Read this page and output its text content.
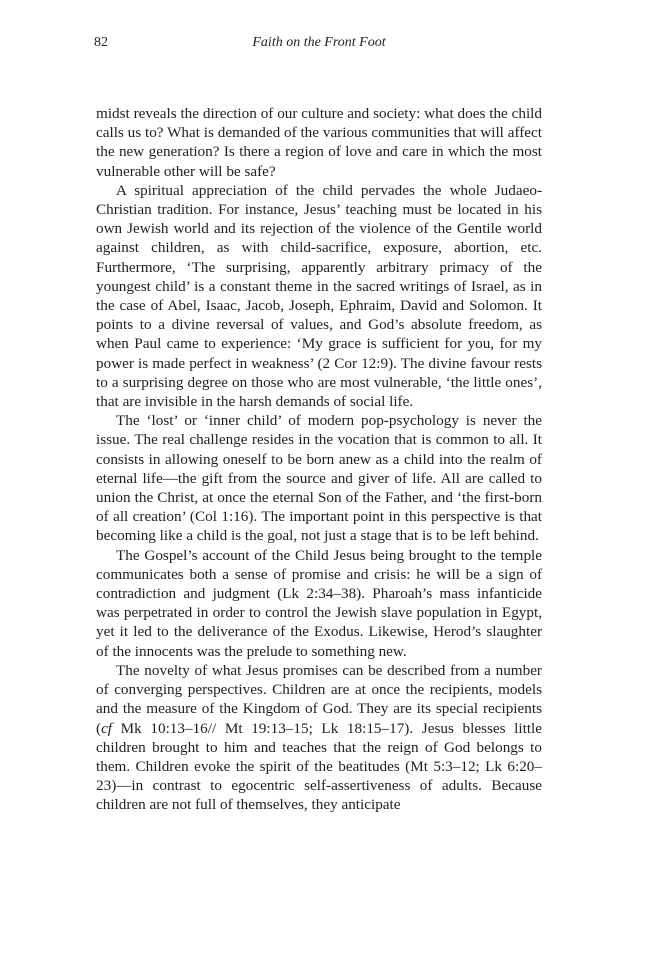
82	Faith on the Front Foot

midst reveals the direction of our culture and society: what does the child calls us to? What is demanded of the various communities that will affect the new generation? Is there a region of love and care in which the most vulnerable other will be safe?

A spiritual appreciation of the child pervades the whole Judaeo-Christian tradition. For instance, Jesus’ teaching must be located in his own Jewish world and its rejection of the violence of the Gentile world against children, as with child-sacrifice, exposure, abortion, etc. Furthermore, ‘The surprising, apparently arbitrary primacy of the youngest child’ is a constant theme in the sacred writings of Israel, as in the case of Abel, Isaac, Jacob, Joseph, Ephraim, David and Solomon. It points to a divine reversal of values, and God’s absolute freedom, as when Paul came to experience: ‘My grace is sufficient for you, for my power is made perfect in weakness’ (2 Cor 12:9). The divine favour rests to a surprising degree on those who are most vulnerable, ‘the little ones’, that are invisible in the harsh demands of social life.

The ‘lost’ or ‘inner child’ of modern pop-psychology is never the issue. The real challenge resides in the vocation that is common to all. It consists in allowing oneself to be born anew as a child into the realm of eternal life—the gift from the source and giver of life. All are called to union the Christ, at once the eternal Son of the Father, and ‘the first-born of all creation’ (Col 1:16). The important point in this perspective is that becoming like a child is the goal, not just a stage that is to be left behind.

The Gospel’s account of the Child Jesus being brought to the temple communicates both a sense of promise and crisis: he will be a sign of contradiction and judgment (Lk 2:34–38). Pharoah’s mass infanticide was perpetrated in order to control the Jewish slave population in Egypt, yet it led to the deliverance of the Exodus. Likewise, Herod’s slaughter of the innocents was the prelude to something new.

The novelty of what Jesus promises can be described from a number of converging perspectives. Children are at once the recipients, models and the measure of the Kingdom of God. They are its special recipients (cf Mk 10:13–16// Mt 19:13–15; Lk 18:15–17). Jesus blesses little children brought to him and teaches that the reign of God belongs to them. Children evoke the spirit of the beatitudes (Mt 5:3–12; Lk 6:20–23)—in contrast to egocentric self-assertiveness of adults. Because children are not full of themselves, they anticipate
